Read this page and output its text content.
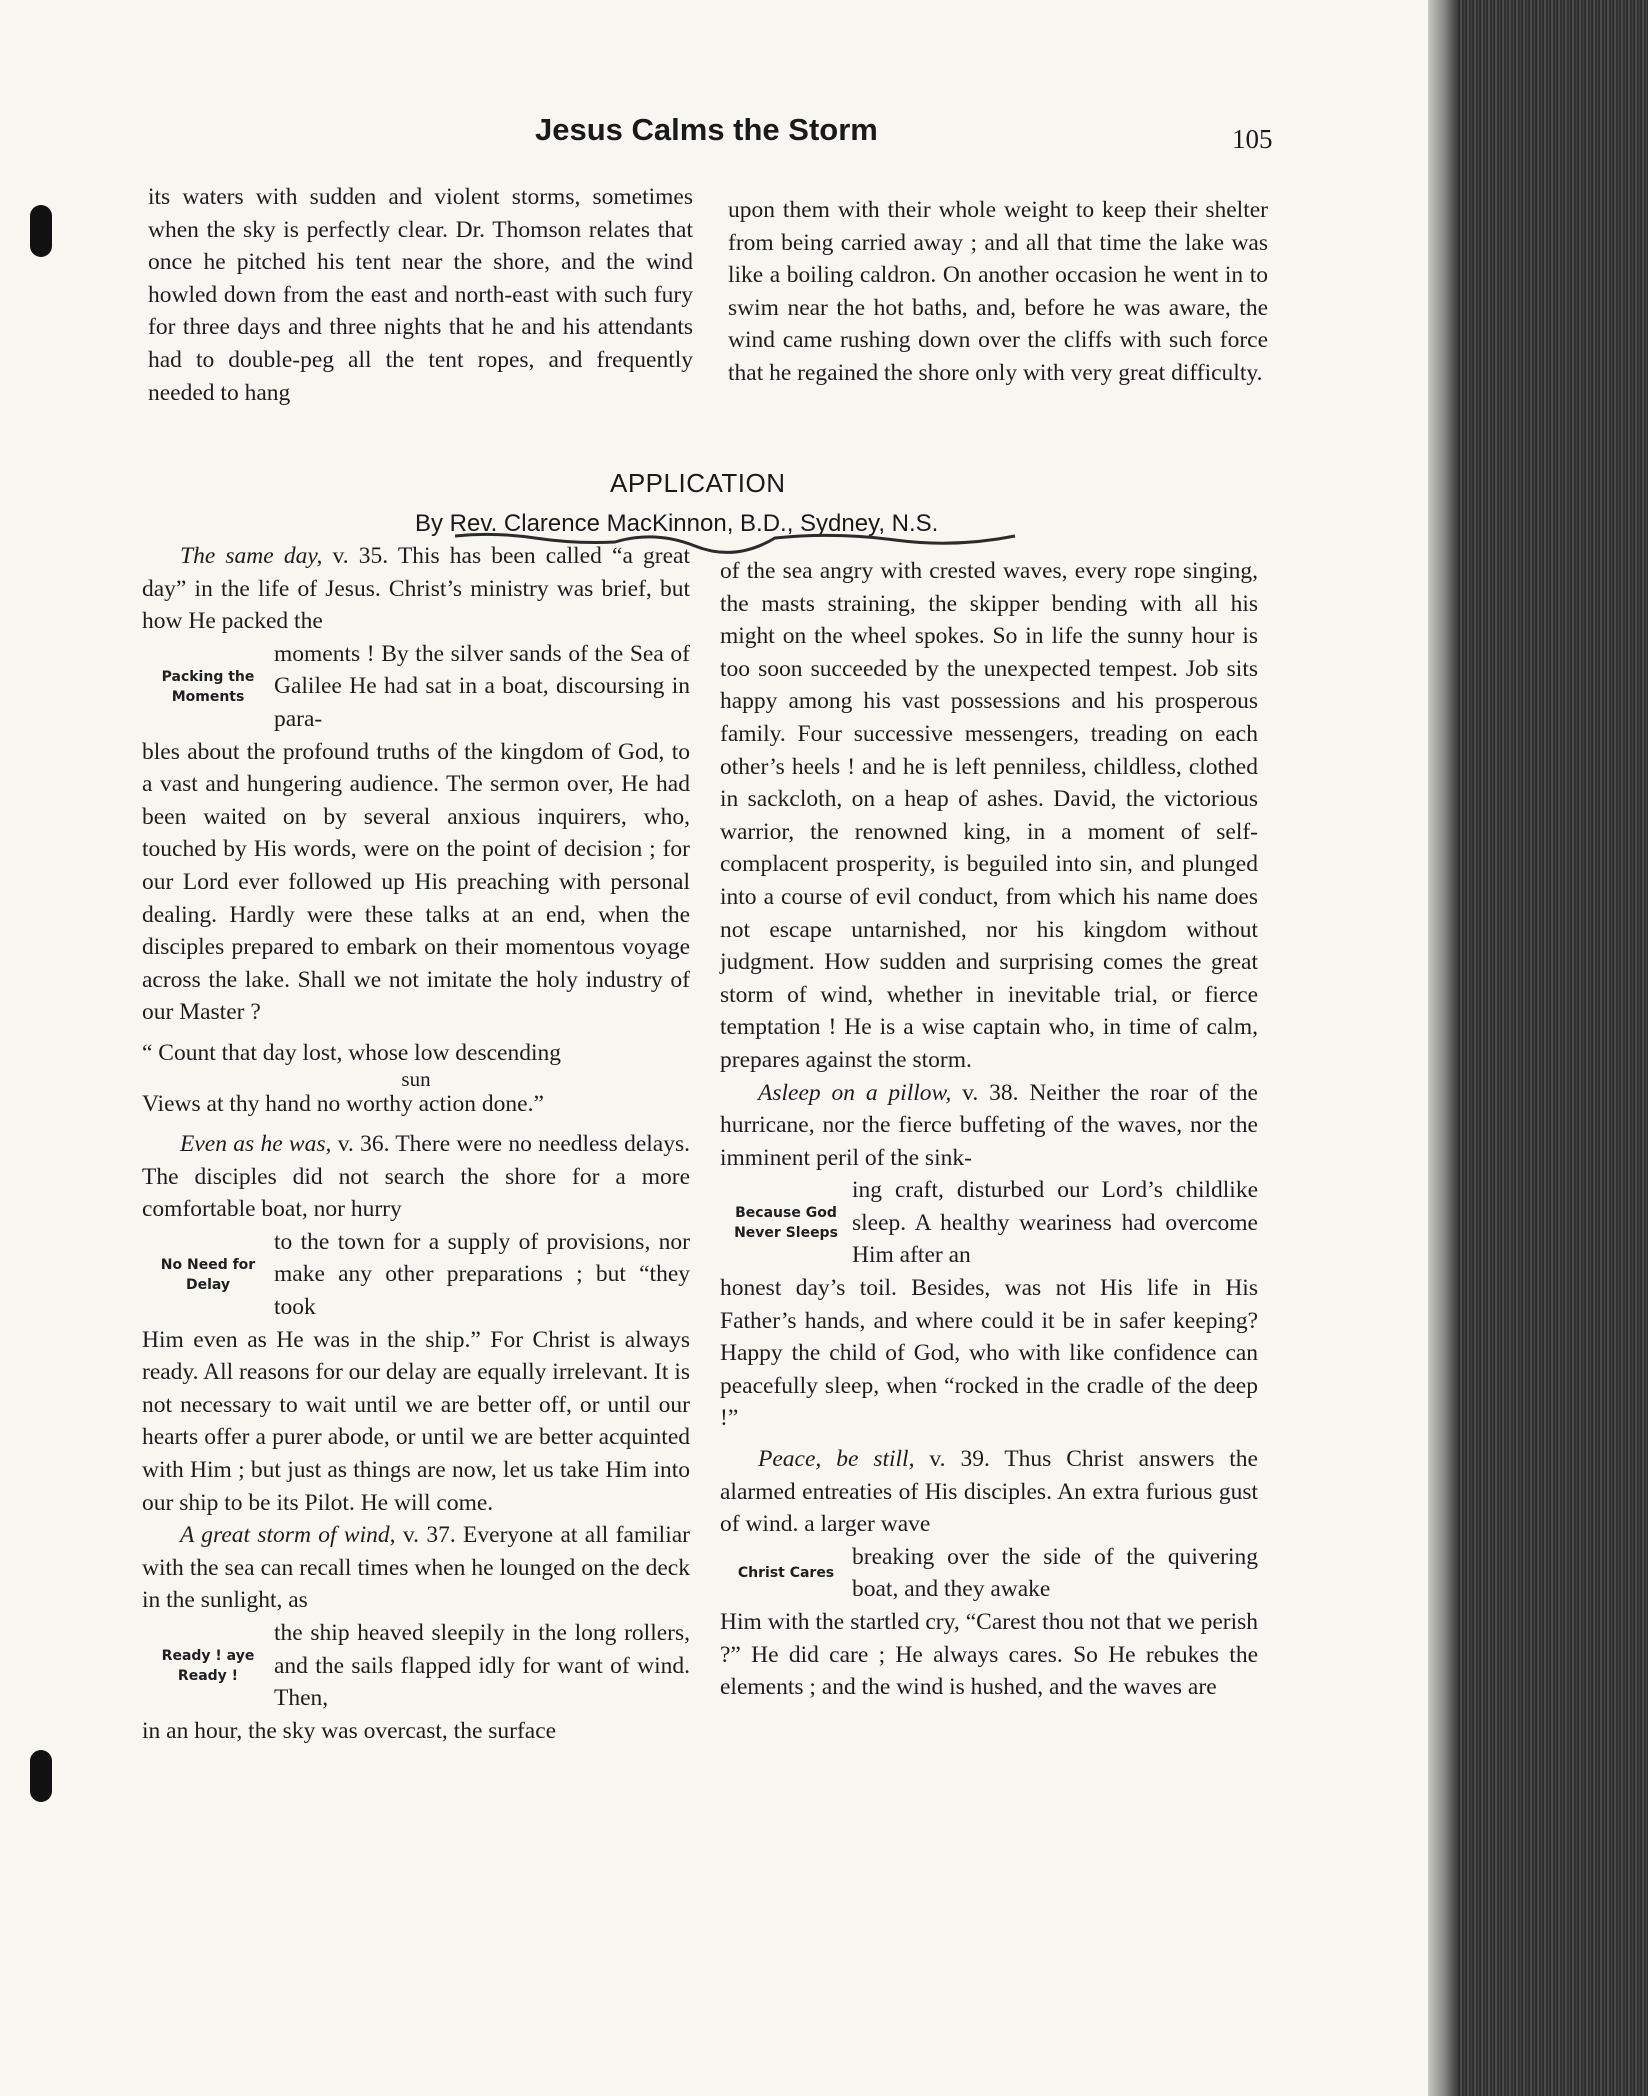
Jesus Calms the Storm	105

its waters with sudden and violent storms, sometimes when the sky is perfectly clear. Dr. Thomson relates that once he pitched his tent near the shore, and the wind howled down from the east and north-east with such fury for three days and three nights that he and his attendants had to double-peg all the tent ropes, and frequently needed to hang

upon them with their whole weight to keep their shelter from being carried away ; and all that time the lake was like a boiling caldron. On another occasion he went in to swim near the hot baths, and, before he was aware, the wind came rushing down over the cliffs with such force that he regained the shore only with very great difficulty.

APPLICATION
By Rev. Clarence MacKinnon, B.D., Sydney, N.S.

The same day, v. 35. This has been called “a great day” in the life of Jesus. Christ’s ministry was brief, but how He packed the

Packing the Moments
moments ! By the silver sands of the Sea of Galilee He had sat in a boat, discoursing in para-

bles about the profound truths of the kingdom of God, to a vast and hungering audience. The sermon over, He had been waited on by several anxious inquirers, who, touched by His words, were on the point of decision ; for our Lord ever followed up His preaching with personal dealing. Hardly were these talks at an end, when the disciples prepared to embark on their momentous voyage across the lake. Shall we not imitate the holy industry of our Master ?

“ Count that day lost, whose low descending

sun

Views at thy hand no worthy action done.”

Even as he was, v. 36. There were no needless delays. The disciples did not search the shore for a more comfortable boat, nor hurry

No Need for Delay
to the town for a supply of provisions, nor make any other preparations ; but “they took

Him even as He was in the ship.” For Christ is always ready. All reasons for our delay are equally irrelevant. It is not necessary to wait until we are better off, or until our hearts offer a purer abode, or until we are better acquinted with Him ; but just as things are now, let us take Him into our ship to be its Pilot. He will come.

A great storm of wind, v. 37. Everyone at all familiar with the sea can recall times when he lounged on the deck in the sunlight, as

Ready ! aye Ready !
the ship heaved sleepily in the long rollers, and the sails flapped idly for want of wind. Then,

in an hour, the sky was overcast, the surface

of the sea angry with crested waves, every rope singing, the masts straining, the skipper bending with all his might on the wheel spokes. So in life the sunny hour is too soon succeeded by the unexpected tempest. Job sits happy among his vast possessions and his prosperous family. Four successive messengers, treading on each other’s heels ! and he is left penniless, childless, clothed in sackcloth, on a heap of ashes. David, the victorious warrior, the renowned king, in a moment of self-complacent prosperity, is beguiled into sin, and plunged into a course of evil conduct, from which his name does not escape untarnished, nor his kingdom without judgment. How sudden and surprising comes the great storm of wind, whether in inevitable trial, or fierce temptation ! He is a wise captain who, in time of calm, prepares against the storm.

Asleep on a pillow, v. 38. Neither the roar of the hurricane, nor the fierce buffeting of the waves, nor the imminent peril of the sink-

Because God Never Sleeps
ing craft, disturbed our Lord’s childlike sleep. A healthy weariness had overcome Him after an

honest day’s toil. Besides, was not His life in His Father’s hands, and where could it be in safer keeping? Happy the child of God, who with like confidence can peacefully sleep, when “rocked in the cradle of the deep !”

Peace, be still, v. 39. Thus Christ answers the alarmed entreaties of His disciples. An extra furious gust of wind. a larger wave

Christ Cares
breaking over the side of the quivering boat, and they awake

Him with the startled cry, “Carest thou not that we perish ?” He did care ; He always cares. So He rebukes the elements ; and the wind is hushed, and the waves are
